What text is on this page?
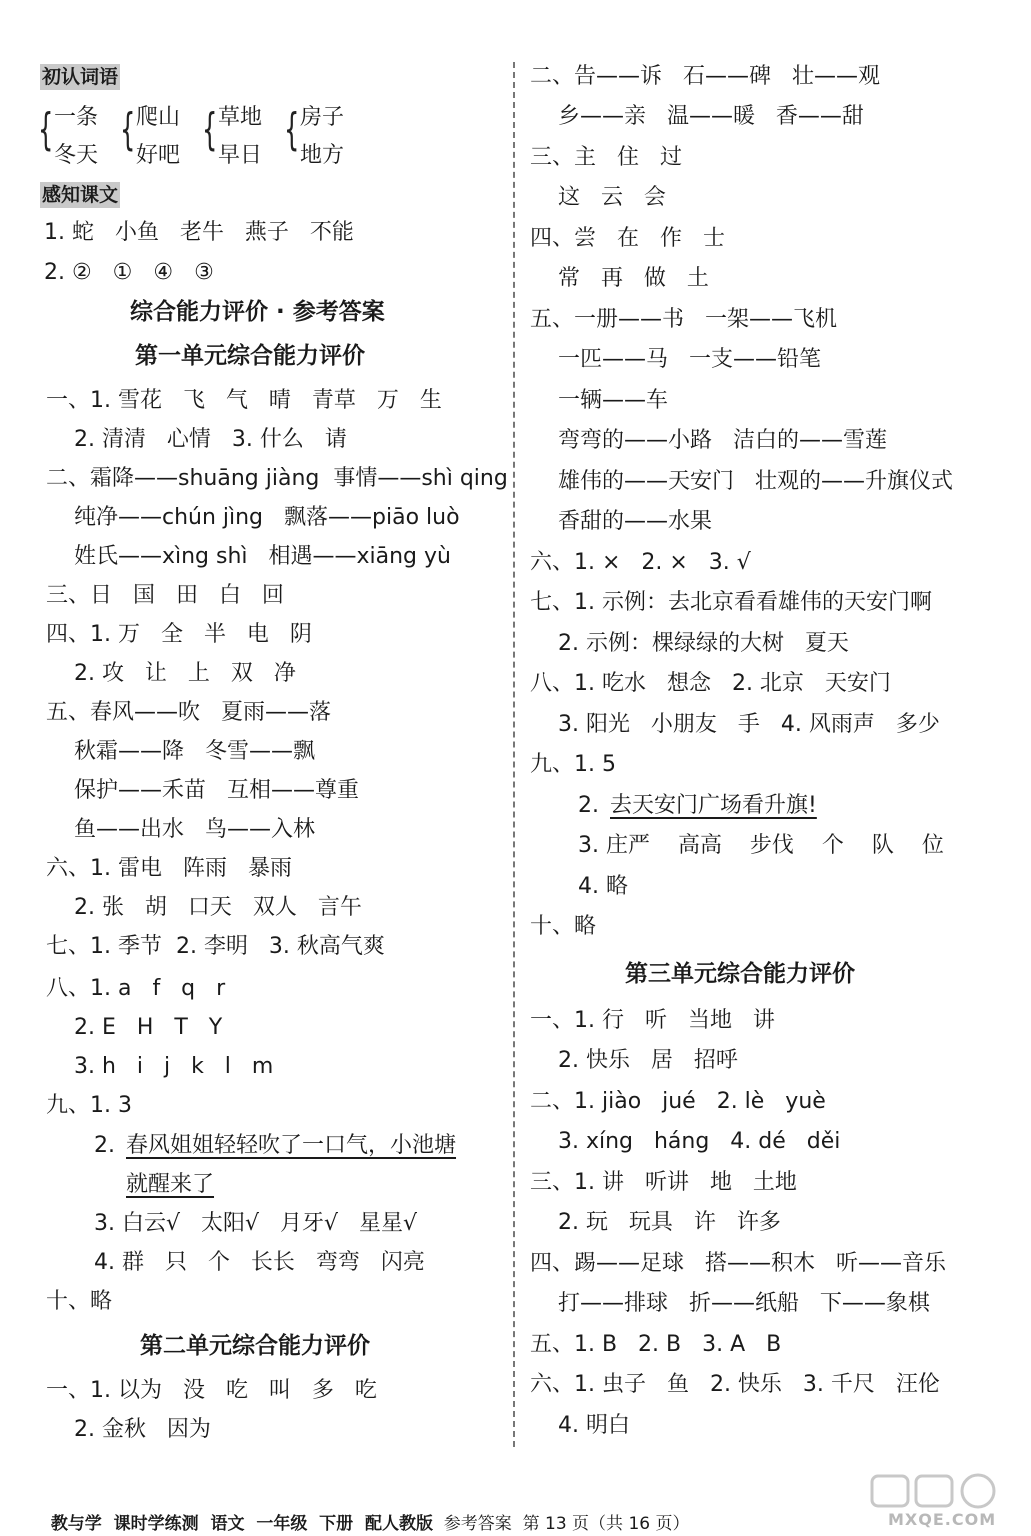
初认词语
{ 一条
冬天
{ 爬山
好吧
{ 草地
早日
{ 房子
地方
感知课文
1. 蛇   小鱼   老牛   燕子   不能
2. ②   ①   ④   ③
综合能力评价 · 参考答案
第一单元综合能力评价
一、1. 雪花   飞   气   晴   青草   万   生
2. 清清   心情   3. 什么   请
二、霜降——shuāng jiàng  事情——shì qing
纯净——chún jìng   飘落——piāo luò
姓氏——xìng shì   相遇——xiāng yù
三、日   国   田   白   回
四、1. 万   全   半   电   阴
2. 攻   让   上   双   净
五、春风——吹   夏雨——落
秋霜——降   冬雪——飘
保护——禾苗   互相——尊重
鱼——出水   鸟——入林
六、1. 雷电   阵雨   暴雨
2. 张   胡   口天   双人   言午
七、1. 季节  2. 李明   3. 秋高气爽
八、1. a   f   q   r
2. E   H   T   Y
3. h   i   j   k   l   m
九、1. 3
2. 春风姐姐轻轻吹了一口气，小池塘
就醒来了
3. 白云√   太阳√   月牙√   星星√
4. 群   只   个   长长   弯弯   闪亮
十、略
第二单元综合能力评价
一、1. 以为   没   吃   叫   多   吃
2. 金秋   因为
二、告——诉   石——碑   壮——观
乡——亲   温——暖   香——甜
三、主   住   过
这   云   会
四、尝   在   作   士
常   再   做   土
五、一册——书   一架——飞机
一匹——马   一支——铅笔
一辆——车
弯弯的——小路   洁白的——雪莲
雄伟的——天安门   壮观的——升旗仪式
香甜的——水果
六、1. ×   2. ×   3. √
七、1. 示例：去北京看看雄伟的天安门啊
2. 示例：棵绿绿的大树   夏天
八、1. 吃水   想念   2. 北京   天安门
3. 阳光   小朋友   手   4. 风雨声   多少
九、1. 5
2. 去天安门广场看升旗!
3. 庄严    高高    步伐    个    队    位
4. 略
十、略
第三单元综合能力评价
一、1. 行   听   当地   讲
2. 快乐   居   招呼
二、1. jiào   jué   2. lè   yuè
3. xíng   háng   4. dé   děi
三、1. 讲   听讲   地   土地
2. 玩   玩具   许   许多
四、踢——足球   搭——积木   听——音乐
打——排球   折——纸船   下——象棋
五、1. B   2. B   3. A   B
六、1. 虫子   鱼   2. 快乐   3. 千尺   汪伦
4. 明白

教与学  课时学练测  语文  一年级  下册  配人教版  参考答案  第 13 页（共 16 页）	MXQE.COM
